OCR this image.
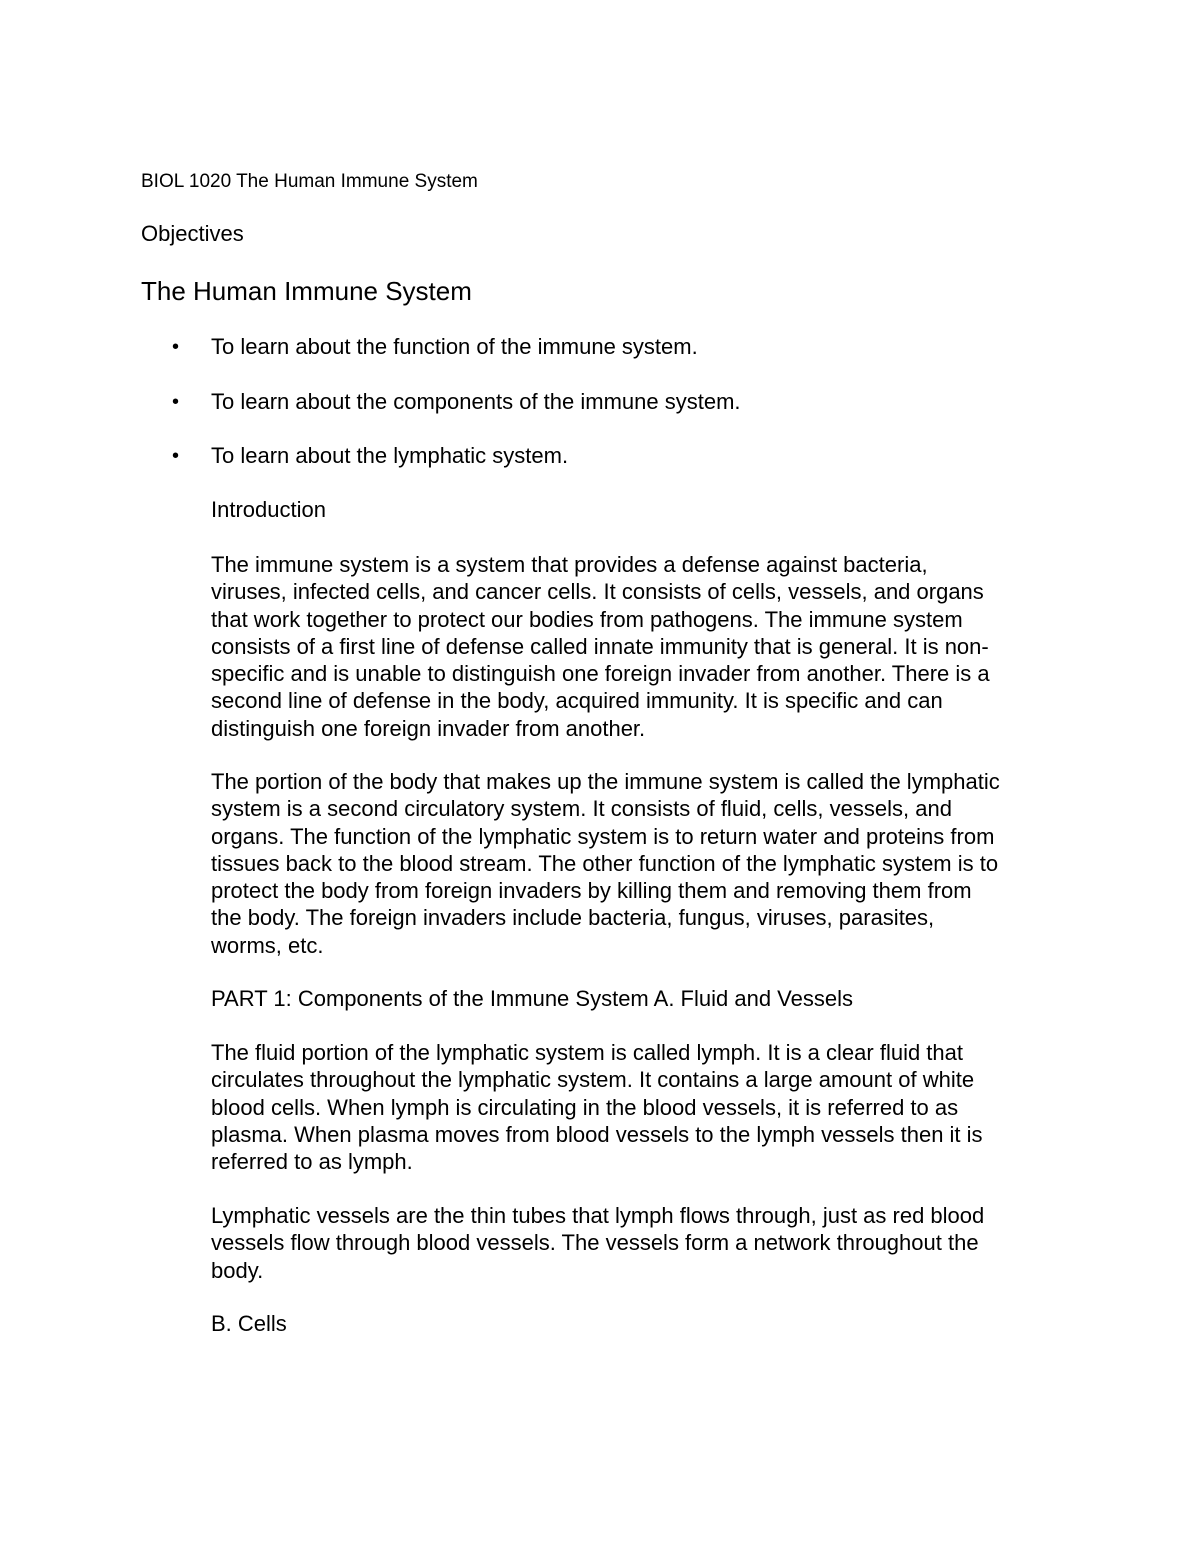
BIOL 1020 The Human Immune System
Objectives
The Human Immune System
•	To learn about the function of the immune system.
•	To learn about the components of the immune system.
•	To learn about the lymphatic system.
Introduction
The immune system is a system that provides a defense against bacteria,
viruses, infected cells, and cancer cells. It consists of cells, vessels, and organs
that work together to protect our bodies from pathogens. The immune system
consists of a first line of defense called innate immunity that is general. It is non-
specific and is unable to distinguish one foreign invader from another. There is a
second line of defense in the body, acquired immunity. It is specific and can
distinguish one foreign invader from another.
The portion of the body that makes up the immune system is called the lymphatic
system is a second circulatory system. It consists of fluid, cells, vessels, and
organs. The function of the lymphatic system is to return water and proteins from
tissues back to the blood stream. The other function of the lymphatic system is to
protect the body from foreign invaders by killing them and removing them from
the body. The foreign invaders include bacteria, fungus, viruses, parasites,
worms, etc.
PART 1: Components of the Immune System A. Fluid and Vessels
The fluid portion of the lymphatic system is called lymph. It is a clear fluid that
circulates throughout the lymphatic system. It contains a large amount of white
blood cells. When lymph is circulating in the blood vessels, it is referred to as
plasma. When plasma moves from blood vessels to the lymph vessels then it is
referred to as lymph.
Lymphatic vessels are the thin tubes that lymph flows through, just as red blood
vessels flow through blood vessels. The vessels form a network throughout the
body.
B. Cells
